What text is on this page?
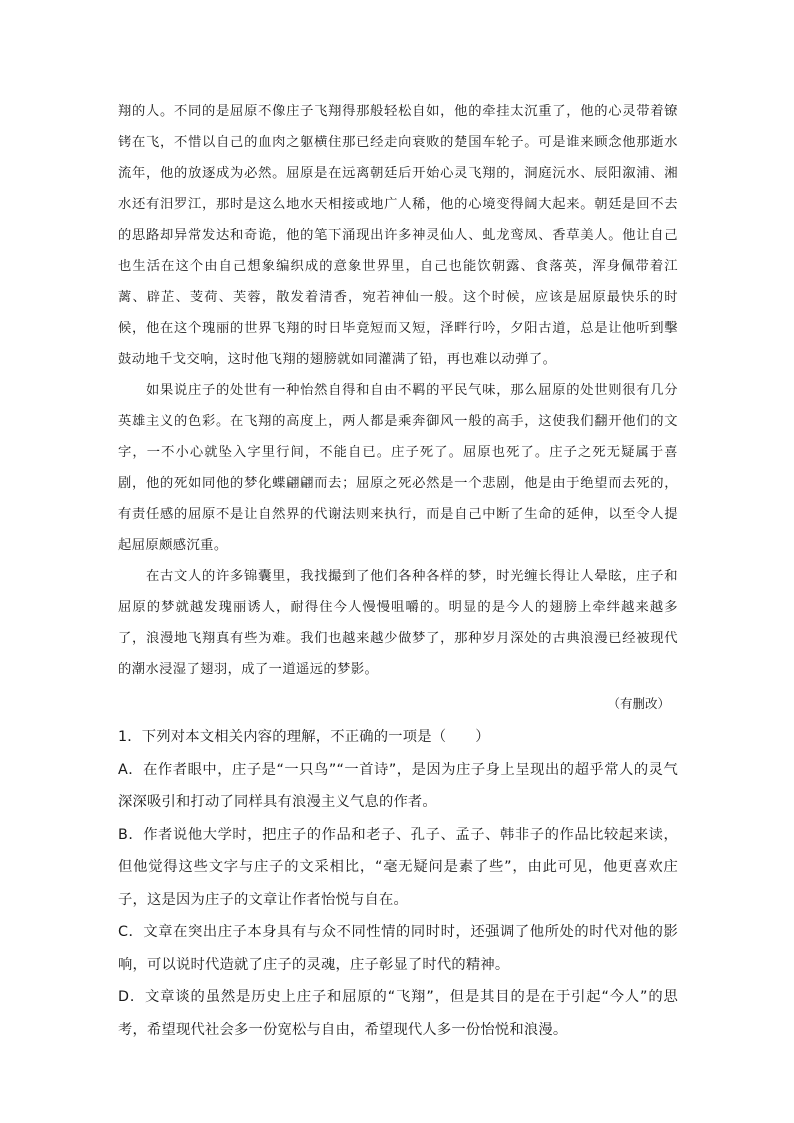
翔的人。不同的是屈原不像庄子飞翔得那般轻松自如，他的牵挂太沉重了，他的心灵带着镣铐在飞，不惜以自己的血肉之躯横住那已经走向衰败的楚国车轮子。可是谁来顾念他那逝水流年，他的放逐成为必然。屈原是在远离朝廷后开始心灵飞翔的，洞庭沅水、辰阳溆浦、湘水还有汨罗江，那时是这么地水天相接或地广人稀，他的心境变得阔大起来。朝廷是回不去的思路却异常发达和奇诡，他的笔下涌现出许多神灵仙人、虬龙鸾凤、香草美人。他让自己也生活在这个由自己想象编织成的意象世界里，自己也能饮朝露、食落英，浑身佩带着江蓠、辟芷、芰荷、芙蓉，散发着清香，宛若神仙一般。这个时候，应该是屈原最快乐的时候，他在这个瑰丽的世界飞翔的时日毕竟短而又短，泽畔行吟，夕阳古道，总是让他听到擊鼓动地千戈交响，这时他飞翔的翅膀就如同灌满了铅，再也难以动弹了。

如果说庄子的处世有一种怡然自得和自由不羁的平民气味，那么屈原的处世则很有几分英雄主义的色彩。在飞翔的高度上，两人都是乘奔御风一般的高手，这使我们翻开他们的文字，一不小心就坠入字里行间，不能自已。庄子死了。屈原也死了。庄子之死无疑属于喜剧，他的死如同他的梦化蝶翩翩而去；屈原之死必然是一个悲剧，他是由于绝望而去死的，有责任感的屈原不是让自然界的代谢法则来执行，而是自己中断了生命的延伸，以至令人提起屈原颇感沉重。

在古文人的许多锦囊里，我找撮到了他们各种各样的梦，时光缠长得让人晕眩，庄子和屈原的梦就越发瑰丽诱人，耐得住今人慢慢咀嚼的。明显的是今人的翅膀上牵绊越来越多了，浪漫地飞翔真有些为难。我们也越来越少做梦了，那种岁月深处的古典浪漫已经被现代的潮水浸湿了翅羽，成了一道遥远的梦影。

（有删改）

1．下列对本文相关内容的理解，不正确的一项是（　　）

A．在作者眼中，庄子是“一只鸟”“一首诗”，是因为庄子身上呈现出的超乎常人的灵气深深吸引和打动了同样具有浪漫主义气息的作者。

B．作者说他大学时，把庄子的作品和老子、孔子、孟子、韩非子的作品比较起来读，但他觉得这些文字与庄子的文采相比，“毫无疑问是素了些”，由此可见，他更喜欢庄子，这是因为庄子的文章让作者怡悦与自在。

C．文章在突出庄子本身具有与众不同性情的同时时，还强调了他所处的时代对他的影响，可以说时代造就了庄子的灵魂，庄子彰显了时代的精神。

D．文章谈的虽然是历史上庄子和屈原的“飞翔”，但是其目的是在于引起“今人”的思考，希望现代社会多一份宽松与自由，希望现代人多一份怡悦和浪漫。
